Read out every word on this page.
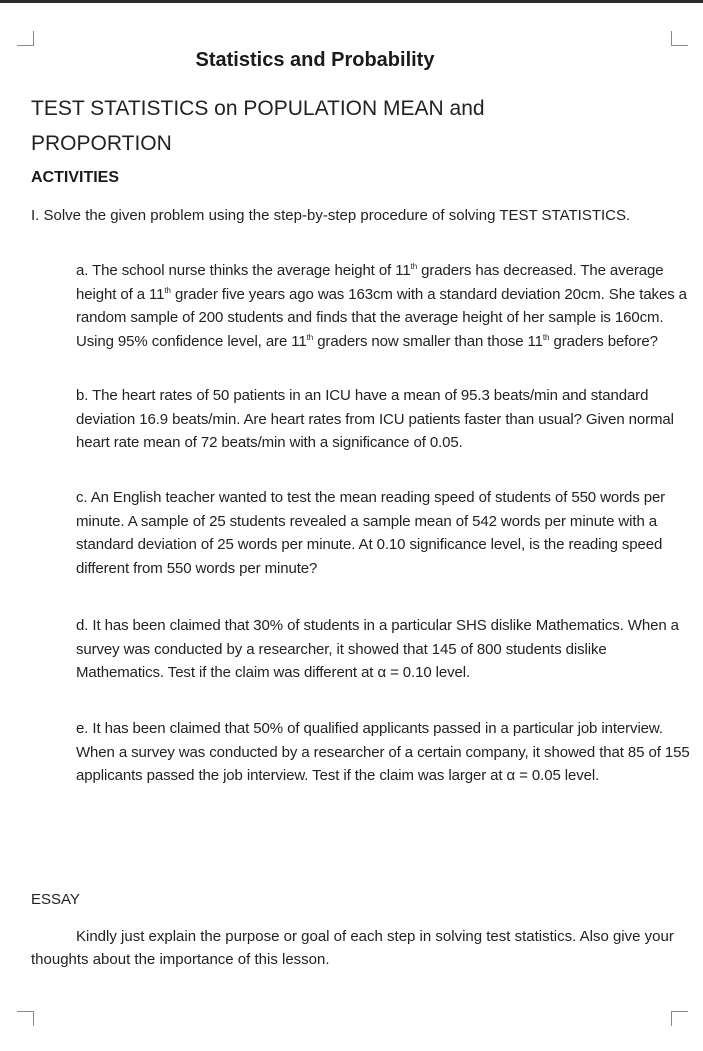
Statistics and Probability
TEST STATISTICS on POPULATION MEAN and
PROPORTION
ACTIVITIES
I. Solve the given problem using the step-by-step procedure of solving TEST STATISTICS.

a. The school nurse thinks the average height of 11th graders has decreased. The average height of a 11th grader five years ago was 163cm with a standard deviation 20cm. She takes a random sample of 200 students and finds that the average height of her sample is 160cm. Using 95% confidence level, are 11th graders now smaller than those 11th graders before?

b. The heart rates of 50 patients in an ICU have a mean of 95.3 beats/min and standard deviation 16.9 beats/min. Are heart rates from ICU patients faster than usual? Given normal heart rate mean of 72 beats/min with a significance of 0.05.

c. An English teacher wanted to test the mean reading speed of students of 550 words per minute. A sample of 25 students revealed a sample mean of 542 words per minute with a standard deviation of 25 words per minute. At 0.10 significance level, is the reading speed different from 550 words per minute?

d. It has been claimed that 30% of students in a particular SHS dislike Mathematics. When a survey was conducted by a researcher, it showed that 145 of 800 students dislike Mathematics. Test if the claim was different at α = 0.10 level.

e. It has been claimed that 50% of qualified applicants passed in a particular job interview. When a survey was conducted by a researcher of a certain company, it showed that 85 of 155 applicants passed the job interview. Test if the claim was larger at α = 0.05 level.

ESSAY

Kindly just explain the purpose or goal of each step in solving test statistics. Also give your thoughts about the importance of this lesson.
